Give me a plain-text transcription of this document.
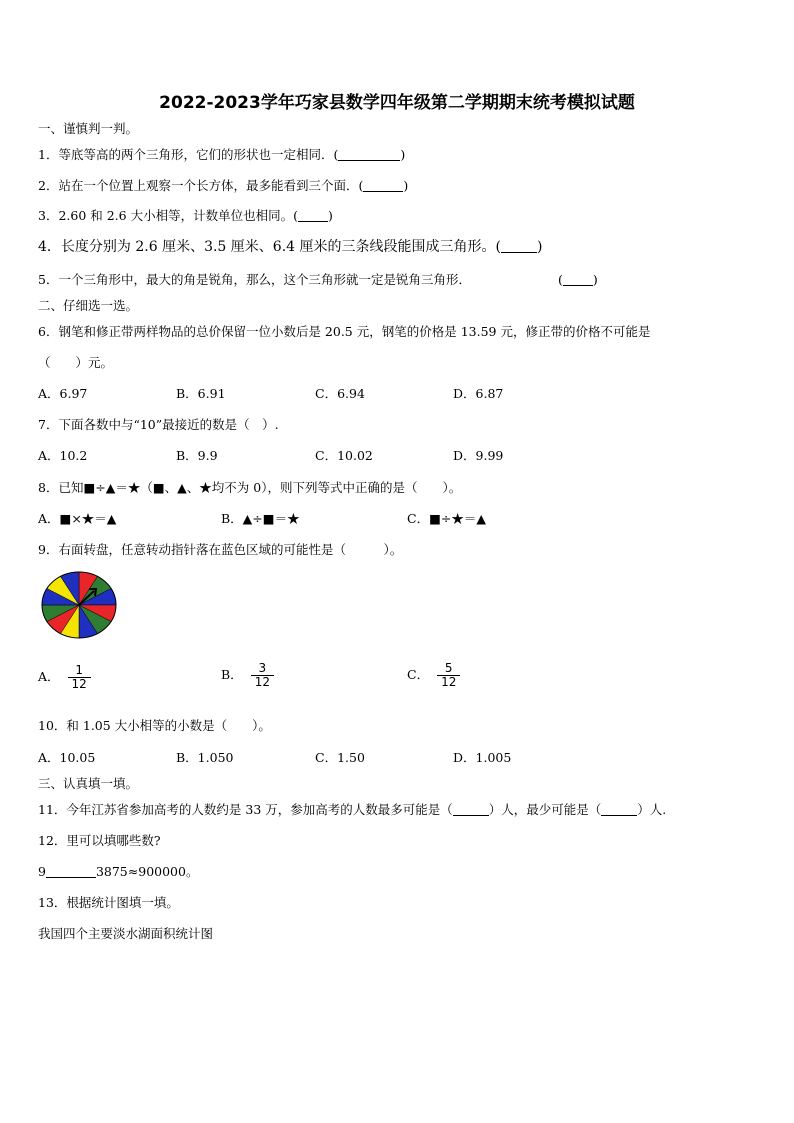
2022-2023学年巧家县数学四年级第二学期期末统考模拟试题
一、谨慎判一判。
1．等底等高的两个三角形，它们的形状也一定相同．(	)
2．站在一个位置上观察一个长方体，最多能看到三个面．(	)
3．2.60 和 2.6 大小相等，计数单位也相同。( )
4．长度分别为 2.6 厘米、3.5 厘米、6.4 厘米的三条线段能围成三角形。(	)
5．一个三角形中，最大的角是锐角，那么，这个三角形就一定是锐角三角形．	( )
二、仔细选一选。
6．钢笔和修正带两样物品的总价保留一位小数后是 20.5 元，钢笔的价格是 13.59 元，修正带的价格不可能是
（　　）元。
A．6.97	B．6.91	C．6.94	D．6.87
7．下面各数中与“10”最接近的数是（　）.
A．10.2	B．9.9	C．10.02	D．9.99
8．已知■÷▲＝★（■、▲、★均不为 0），则下列等式中正确的是（　　）。
A．■×★＝▲	B．▲÷■＝★	C．■÷★＝▲
9．右面转盘，任意转动指针落在蓝色区域的可能性是（　　　）。
A． $\frac{1}{12}$	B． $\frac{3}{12}$	C． $\frac{5}{12}$
10．和 1.05 大小相等的小数是（　　）。
A．10.05	B．1.050	C．1.50	D．1.005
三、认真填一填。
11．今年江苏省参加高考的人数约是 33 万，参加高考的人数最多可能是（	）人，最少可能是（	）人.
12．里可以填哪些数?
9	3875≈900000。
13．根据统计图填一填。
我国四个主要淡水湖面积统计图
